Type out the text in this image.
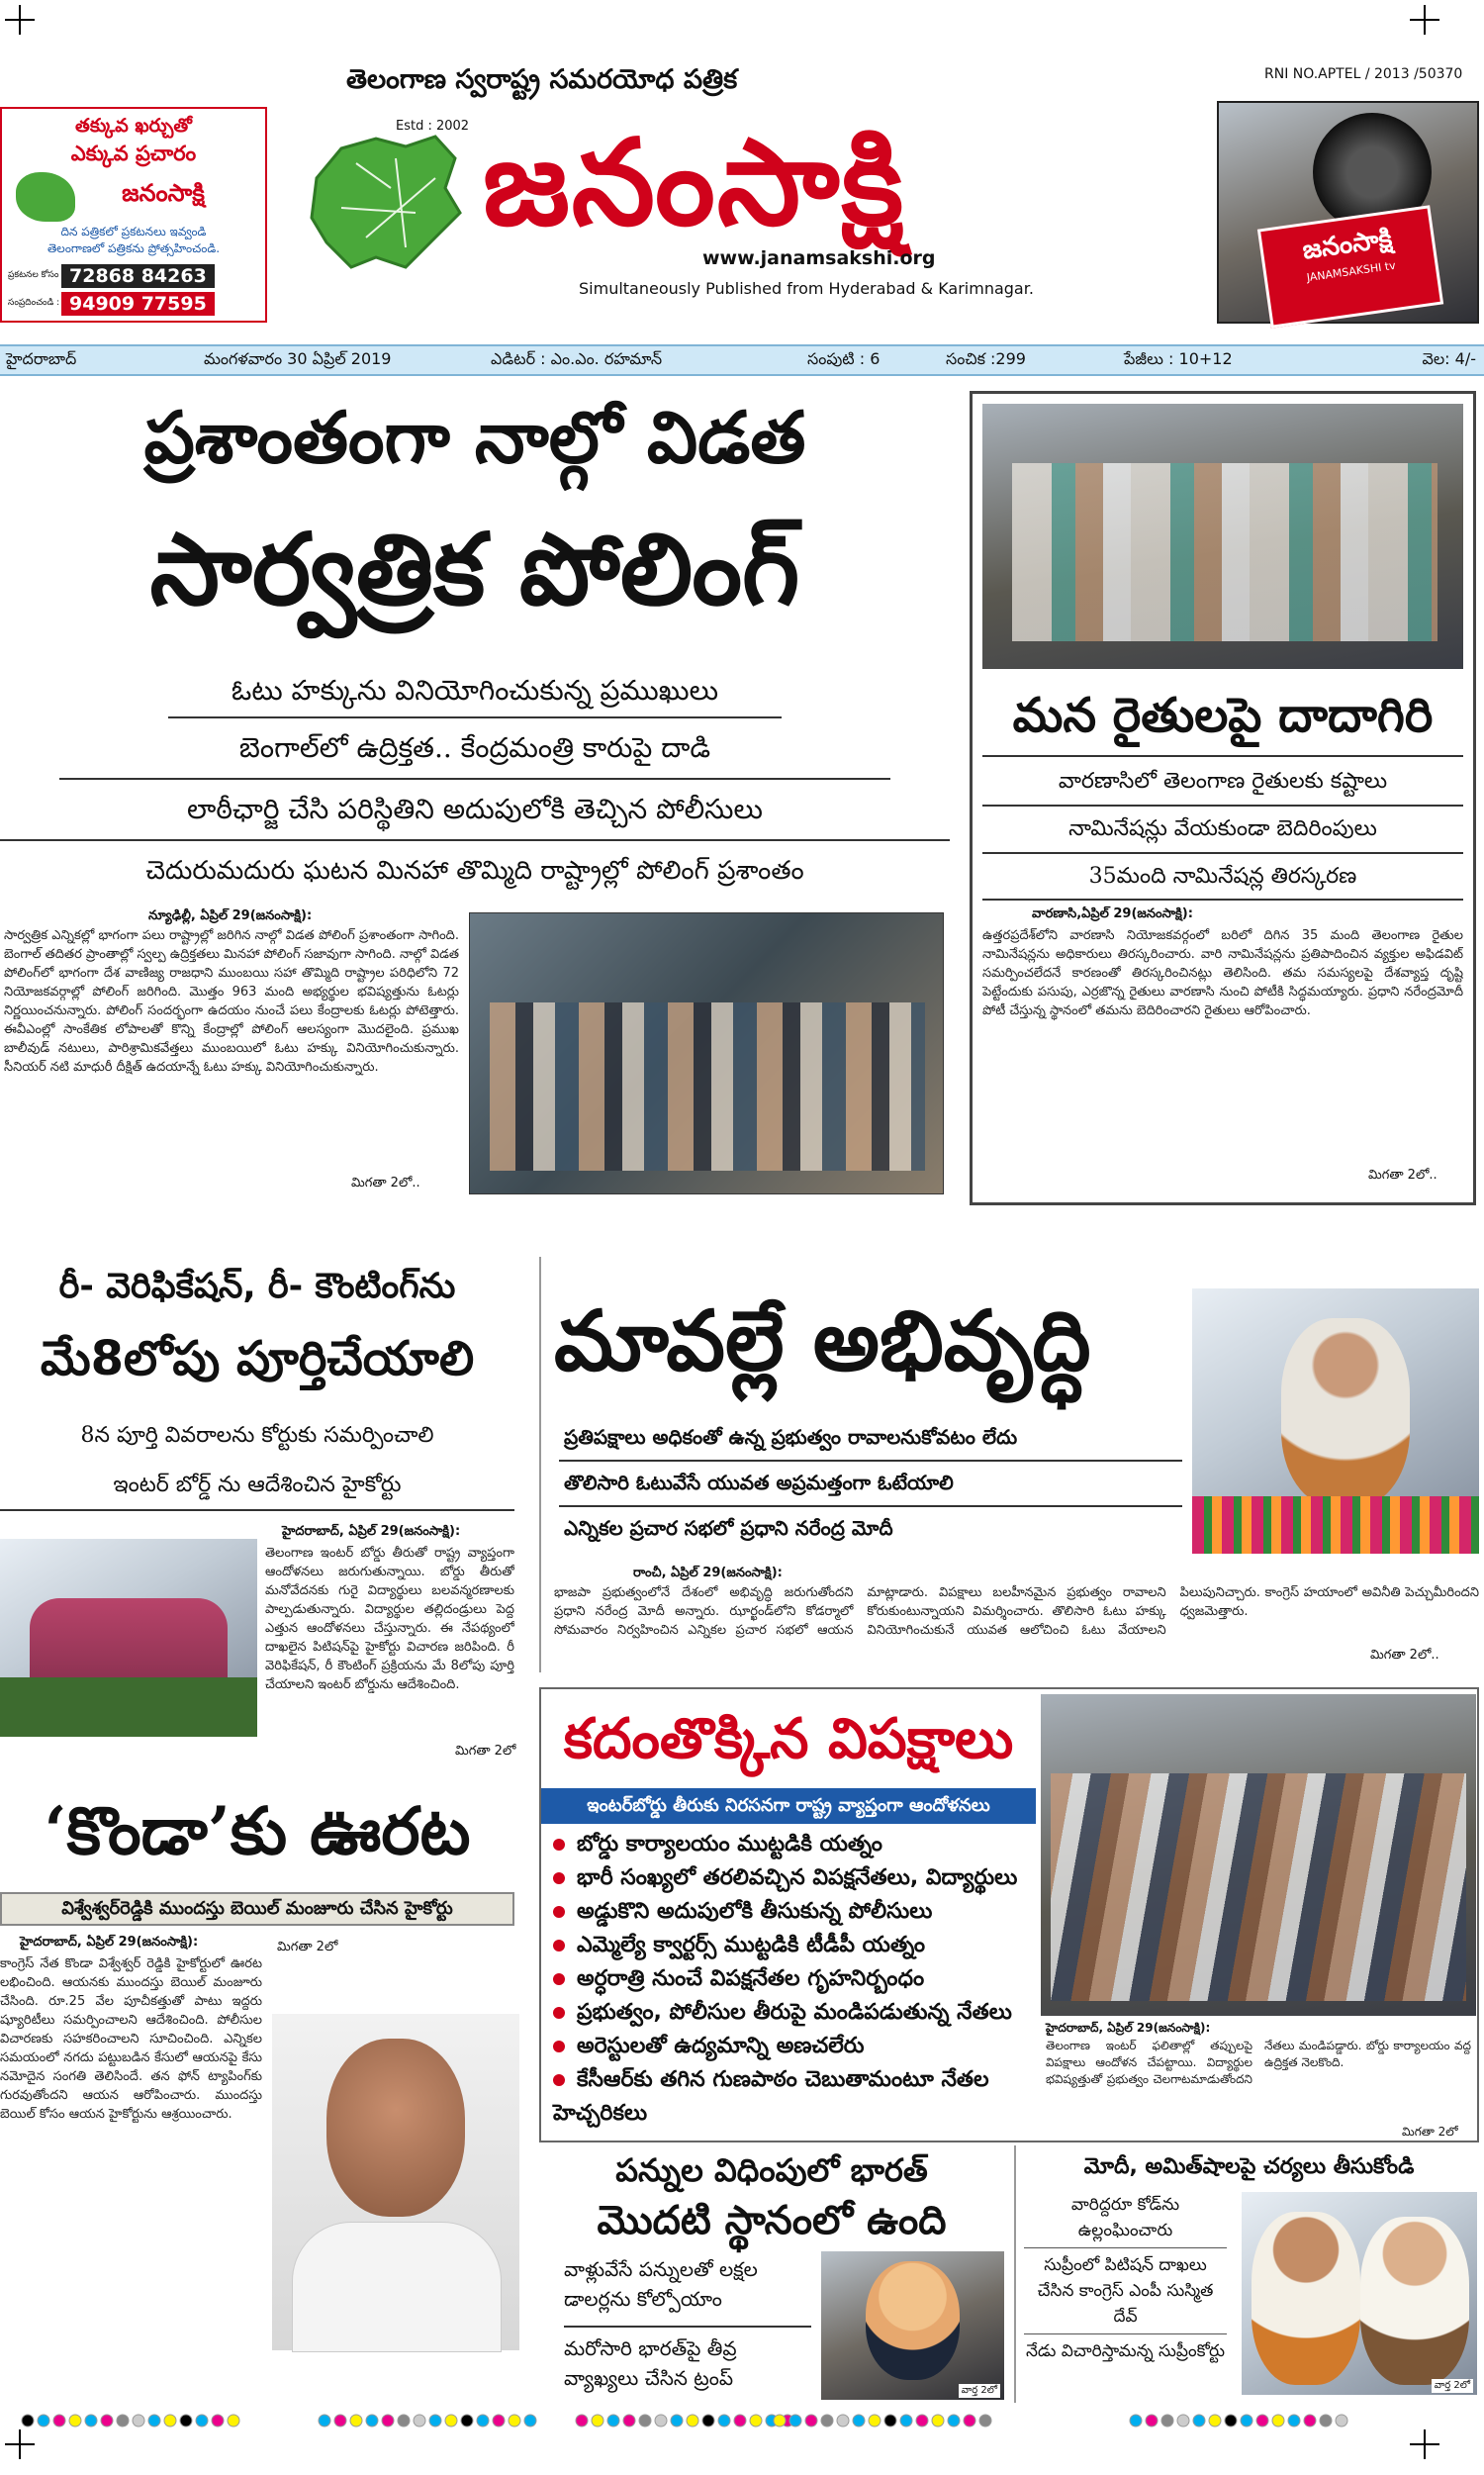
తక్కువ ఖర్చుతో
ఎక్కువ ప్రచారం
జనంసాక్షి
దిన పత్రికలో ప్రకటనలు ఇవ్వండి
తెలంగాణలో పత్రికను ప్రోత్సహించండి.
ప్రకటనల కోసం 72868 84263
సంప్రదించండి : 94909 77595
తెలంగాణ స్వరాష్ట్ర సమరయోధ పత్రిక
Estd : 2002 జనంసాక్షి
www.janamsakshi.org
Simultaneously Published from Hyderabad & Karimnagar.
RNI NO.APTEL / 2013 /50370
జనంసాక్షి
JANAMSAKSHI tv
హైదరాబాద్	మంగళవారం 30 ఏప్రిల్ 2019	ఎడిటర్ : ఎం.ఎం. రహమాన్	సంపుటి : 6	సంచిక :299	పేజీలు : 10+12	వెల: 4/-
ప్రశాంతంగా నాల్గో విడత
సార్వత్రిక పోలింగ్
ఓటు హక్కును వినియోగించుకున్న ప్రముఖులు
బెంగాల్‌లో ఉద్రిక్తత.. కేంద్రమంత్రి కారుపై దాడి
లాఠీఛార్జి చేసి పరిస్థితిని అదుపులోకి తెచ్చిన పోలీసులు
చెదురుమదురు ఘటన మినహా తొమ్మిది రాష్ట్రాల్లో పోలింగ్ ప్రశాంతం
న్యూఢిల్లీ, ఏప్రిల్ 29(జనంసాక్షి):
సార్వత్రిక ఎన్నికల్లో భాగంగా పలు రాష్ట్రాల్లో జరిగిన నాల్గో విడత పోలింగ్ ప్రశాంతంగా సాగింది. బెంగాల్ తదితర ప్రాంతాల్లో స్వల్ప ఉద్రిక్తతలు మినహా పోలింగ్ సజావుగా సాగింది. నాల్గో విడత పోలింగ్‌లో భాగంగా దేశ వాణిజ్య రాజధాని ముంబయి సహా తొమ్మిది రాష్ట్రాల పరిధిలోని 72 నియోజకవర్గాల్లో పోలింగ్ జరిగింది. మొత్తం 963 మంది అభ్యర్థుల భవిష్యత్తును ఓటర్లు నిర్ణయించనున్నారు. పోలింగ్ సందర్భంగా ఉదయం నుంచే పలు కేంద్రాలకు ఓటర్లు పోటెత్తారు. ఈవీఎంల్లో సాంకేతిక లోపాలతో కొన్ని కేంద్రాల్లో పోలింగ్ ఆలస్యంగా మొదలైంది. ప్రముఖ బాలీవుడ్ నటులు, పారిశ్రామికవేత్తలు ముంబయిలో ఓటు హక్కు వినియోగించుకున్నారు. సీనియర్ నటి మాధురీ దీక్షిత్ ఉదయాన్నే ఓటు హక్కు వినియోగించుకున్నారు.
మిగతా 2లో..
మన రైతులపై దాదాగిరి
వారణాసిలో తెలంగాణ రైతులకు కష్టాలు
నామినేషన్లు వేయకుండా బెదిరింపులు
35మంది నామినేషన్ల తిరస్కరణ
వారణాసి,ఏప్రిల్ 29(జనంసాక్షి):
ఉత్తరప్రదేశ్‌లోని వారణాసి నియోజకవర్గంలో బరిలో దిగిన 35 మంది తెలంగాణ రైతుల నామినేషన్లను అధికారులు తిరస్కరించారు. వారి నామినేషన్లను ప్రతిపాదించిన వ్యక్తుల అఫిడవిట్ సమర్పించలేదనే కారణంతో తిరస్కరించినట్లు తెలిసింది. తమ సమస్యలపై దేశవ్యాప్త దృష్టి పెట్టేందుకు పసుపు, ఎర్రజొన్న రైతులు వారణాసి నుంచి పోటీకి సిద్ధమయ్యారు. ప్రధాని నరేంద్రమోదీ పోటీ చేస్తున్న స్థానంలో తమను బెదిరించారని రైతులు ఆరోపించారు.
మిగతా 2లో..
రీ- వెరిఫికేషన్, రీ- కౌంటింగ్‌ను
మే8లోపు పూర్తిచేయాలి
8న పూర్తి వివరాలను కోర్టుకు సమర్పించాలి
ఇంటర్ బోర్డ్ ను ఆదేశించిన హైకోర్టు
హైదరాబాద్, ఏప్రిల్ 29(జనంసాక్షి):
తెలంగాణ ఇంటర్ బోర్డు తీరుతో రాష్ట్ర వ్యాప్తంగా ఆందోళనలు జరుగుతున్నాయి. బోర్డు తీరుతో మనోవేదనకు గురై విద్యార్థులు బలవన్మరణాలకు పాల్పడుతున్నారు. విద్యార్థుల తల్లిదండ్రులు పెద్ద ఎత్తున ఆందోళనలు చేస్తున్నారు. ఈ నేపథ్యంలో దాఖలైన పిటిషన్‌పై హైకోర్టు విచారణ జరిపింది. రీ వెరిఫికేషన్, రీ కౌంటింగ్ ప్రక్రియను మే 8లోపు పూర్తి చేయాలని ఇంటర్ బోర్డును ఆదేశించింది.
మిగతా 2లో
‘కొండా’కు ఊరట
విశ్వేశ్వర్‌రెడ్డికి ముందస్తు బెయిల్ మంజూరు చేసిన హైకోర్టు
హైదరాబాద్, ఏప్రిల్ 29(జనంసాక్షి):
కాంగ్రెస్ నేత కొండా విశ్వేశ్వర్ రెడ్డికి హైకోర్టులో ఊరట లభించింది. ఆయనకు ముందస్తు బెయిల్ మంజూరు చేసింది. రూ.25 వేల పూచీకత్తుతో పాటు ఇద్దరు ష్యూరిటీలు సమర్పించాలని ఆదేశించింది. పోలీసుల విచారణకు సహకరించాలని సూచించింది. ఎన్నికల సమయంలో నగదు పట్టుబడిన కేసులో ఆయనపై కేసు నమోదైన సంగతి తెలిసిందే. తన ఫోన్ ట్యాపింగ్‌కు గురవుతోందని ఆయన ఆరోపించారు. ముందస్తు బెయిల్ కోసం ఆయన హైకోర్టును ఆశ్రయించారు.
మిగతా 2లో
మావల్లే అభివృద్ధి
ప్రతిపక్షాలు అధికంతో ఉన్న ప్రభుత్వం రావాలనుకోవటం లేదు
తొలిసారి ఓటువేసే యువత అప్రమత్తంగా ఓటేయాలి
ఎన్నికల ప్రచార సభలో ప్రధాని నరేంద్ర మోదీ
రాంచీ, ఏప్రిల్ 29(జనంసాక్షి):
భాజపా ప్రభుత్వంలోనే దేశంలో అభివృద్ధి జరుగుతోందని ప్రధాని నరేంద్ర మోదీ అన్నారు. ఝార్ఖండ్‌లోని కోడర్మాలో సోమవారం నిర్వహించిన ఎన్నికల ప్రచార సభలో ఆయన మాట్లాడారు. విపక్షాలు బలహీనమైన ప్రభుత్వం రావాలని కోరుకుంటున్నాయని విమర్శించారు. తొలిసారి ఓటు హక్కు వినియోగించుకునే యువత ఆలోచించి ఓటు వేయాలని పిలుపునిచ్చారు. కాంగ్రెస్ హయాంలో అవినీతి పెచ్చుమీరిందని ధ్వజమెత్తారు.
మిగతా 2లో..
కదంతొక్కిన విపక్షాలు
ఇంటర్‌బోర్డు తీరుకు నిరసనగా రాష్ట్ర వ్యాప్తంగా ఆందోళనలు
బోర్డు కార్యాలయం ముట్టడికి యత్నం
భారీ సంఖ్యలో తరలివచ్చిన విపక్షనేతలు, విద్యార్థులు
అడ్డుకొని అదుపులోకి తీసుకున్న పోలీసులు
ఎమ్మెల్యే క్వార్టర్స్ ముట్టడికి టీడీపీ యత్నం
అర్ధరాత్రి నుంచే విపక్షనేతల గృహనిర్బంధం
ప్రభుత్వం, పోలీసుల తీరుపై మండిపడుతున్న నేతలు
అరెస్టులతో ఉద్యమాన్ని అణచలేరు
కేసీఆర్‌కు తగిన గుణపాఠం చెబుతామంటూ నేతల హెచ్చరికలు
హైదరాబాద్, ఏప్రిల్ 29(జనంసాక్షి):
తెలంగాణ ఇంటర్ ఫలితాల్లో తప్పులపై విపక్షాలు ఆందోళన చేపట్టాయి. విద్యార్థుల భవిష్యత్తుతో ప్రభుత్వం చెలగాటమాడుతోందని నేతలు మండిపడ్డారు. బోర్డు కార్యాలయం వద్ద ఉద్రిక్తత నెలకొంది.
మిగతా 2లో
పన్నుల విధింపులో భారత్
మొదటి స్థానంలో ఉంది
వాళ్లువేసే పన్నులతో లక్షల డాలర్లను కోల్పోయాం
మరోసారి భారత్‌పై తీవ్ర వ్యాఖ్యలు చేసిన ట్రంప్
వార్త 2లో
మోదీ, అమిత్‌షాలపై చర్యలు తీసుకోండి
వారిద్దరూ కోడ్‌ను ఉల్లంఘించారు
సుప్రీంలో పిటిషన్ దాఖలు చేసిన కాంగ్రెస్ ఎంపీ సుస్మిత దేవ్
నేడు విచారిస్తామన్న సుప్రీంకోర్టు
వార్త 2లో
